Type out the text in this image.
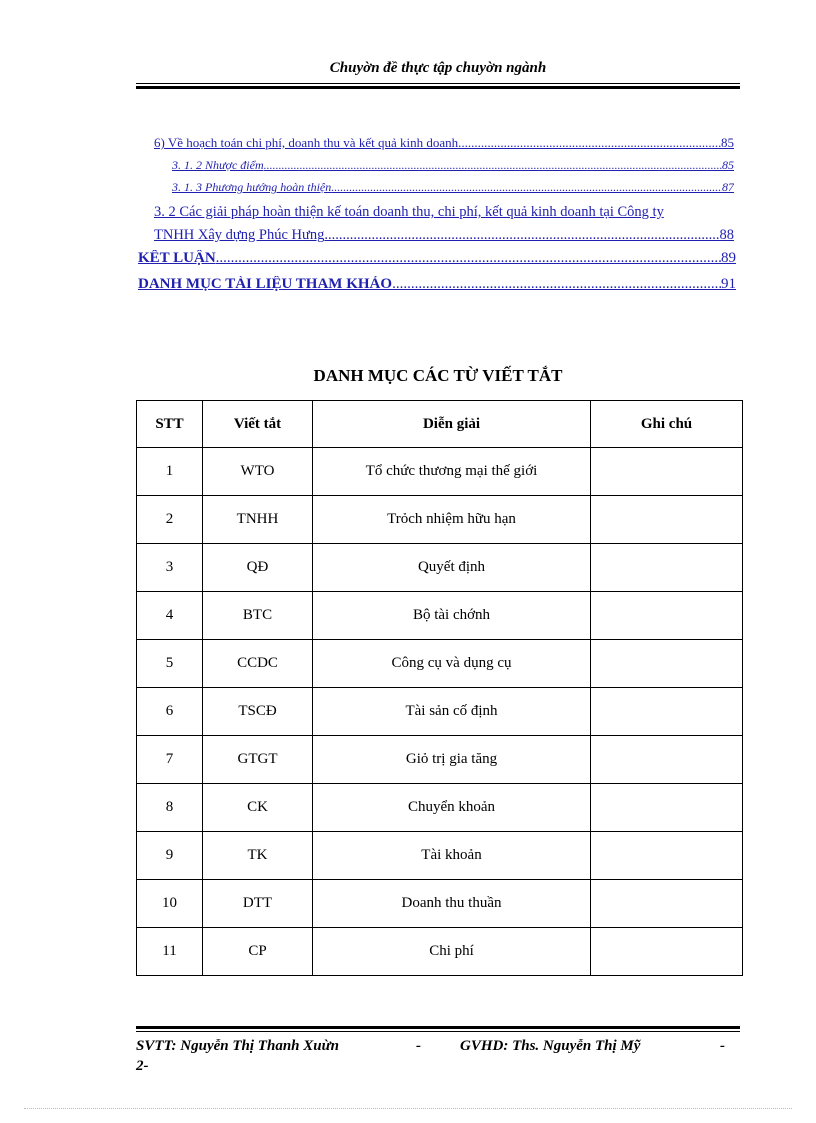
Chuyờn đề thực tập chuyờn ngành
6) Về hoạch toán chi phí, doanh thu và kết quả kinh doanh .....	85
3. 1. 2 Nhược điểm .....	85
3. 1. 3 Phương hướng hoàn thiện .....	87
3. 2 Các giải pháp hoàn thiện kế toán doanh thu, chi phí, kết quả kinh doanh tại Công ty
TNHH Xây dựng Phúc Hưng .....	88
KẾT LUẬN .....	89
DANH MỤC TÀI LIỆU THAM KHẢO .....	91
DANH MỤC CÁC TỪ VIẾT TẮT
STT	Viết tắt	Diễn giải	Ghi chú
1	WTO	Tổ chức thương mại thế giới	
2	TNHH	Trỏch nhiệm hữu hạn	
3	QĐ	Quyết định	
4	BTC	Bộ tài chớnh	
5	CCDC	Công cụ và dụng cụ	
6	TSCĐ	Tài sản cố định	
7	GTGT	Giỏ trị gia tăng	
8	CK	Chuyển khoản	
9	TK	Tài khoản	
10	DTT	Doanh thu thuần	
11	CP	Chi phí	
SVTT: Nguyễn Thị Thanh Xuừn	-	GVHD: Ths. Nguyễn Thị Mỹ	-
2-
